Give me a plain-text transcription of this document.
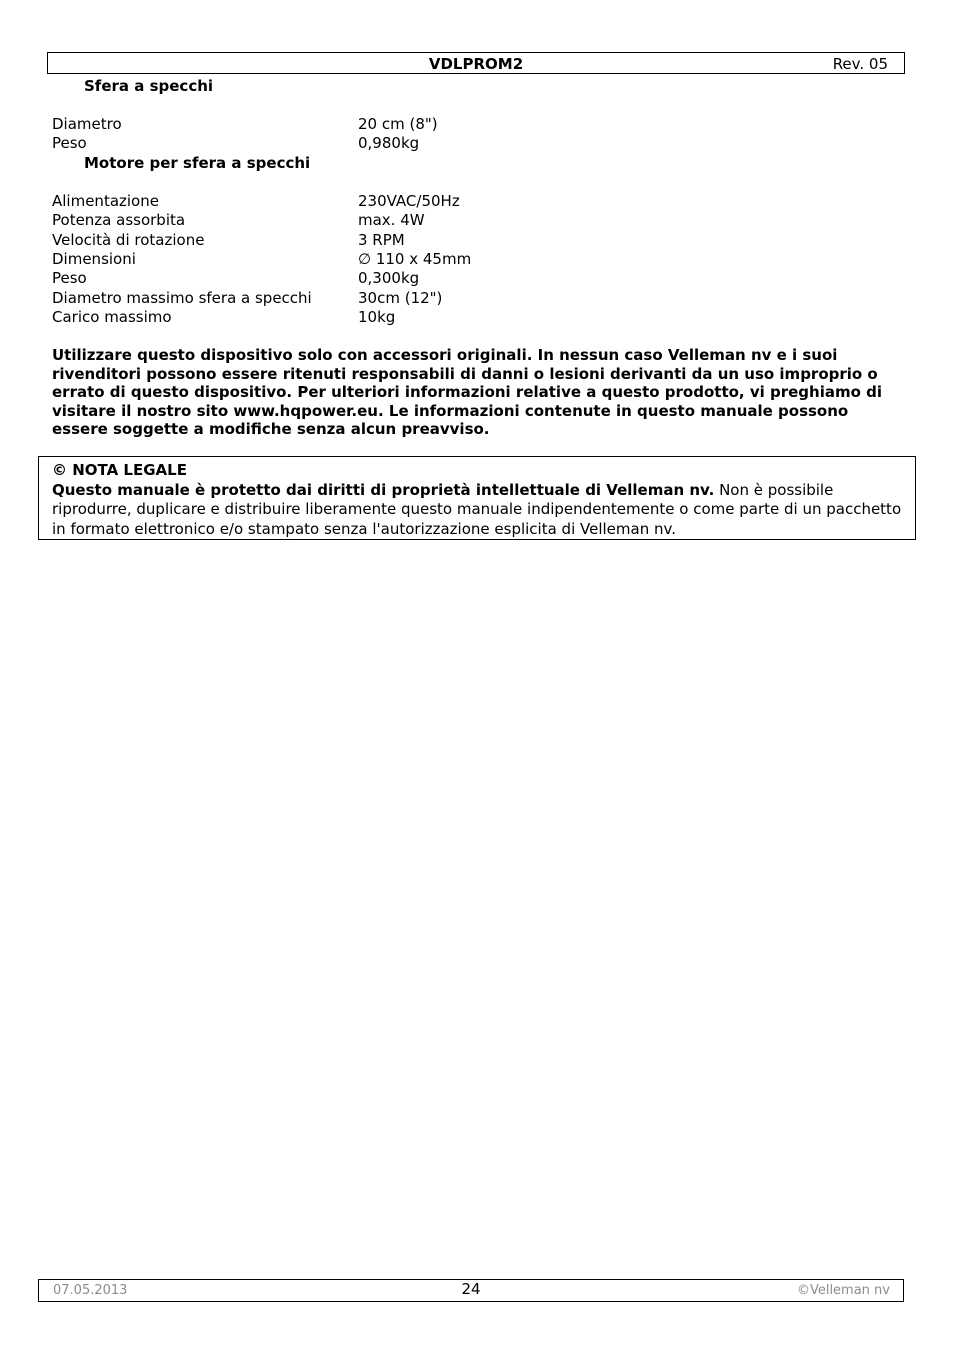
VDLPROM2	Rev. 05
Sfera a specchi
Diametro	20 cm (8")
Peso	0,980kg
Motore per sfera a specchi
Alimentazione	230VAC/50Hz
Potenza assorbita	max. 4W
Velocità di rotazione	3 RPM
Dimensioni	∅ 110 x 45mm
Peso	0,300kg
Diametro massimo sfera a specchi	30cm (12")
Carico massimo	10kg
Utilizzare questo dispositivo solo con accessori originali. In nessun caso Velleman nv e i suoi rivenditori possono essere ritenuti responsabili di danni o lesioni derivanti da un uso improprio o errato di questo dispositivo. Per ulteriori informazioni relative a questo prodotto, vi preghiamo di visitare il nostro sito www.hqpower.eu. Le informazioni contenute in questo manuale possono essere soggette a modifiche senza alcun preavviso.
© NOTA LEGALE
Questo manuale è protetto dai diritti di proprietà intellettuale di Velleman nv. Non è possibile riprodurre, duplicare e distribuire liberamente questo manuale indipendentemente o come parte di un pacchetto in formato elettronico e/o stampato senza l'autorizzazione esplicita di Velleman nv.
07.05.2013	24	©Velleman nv
